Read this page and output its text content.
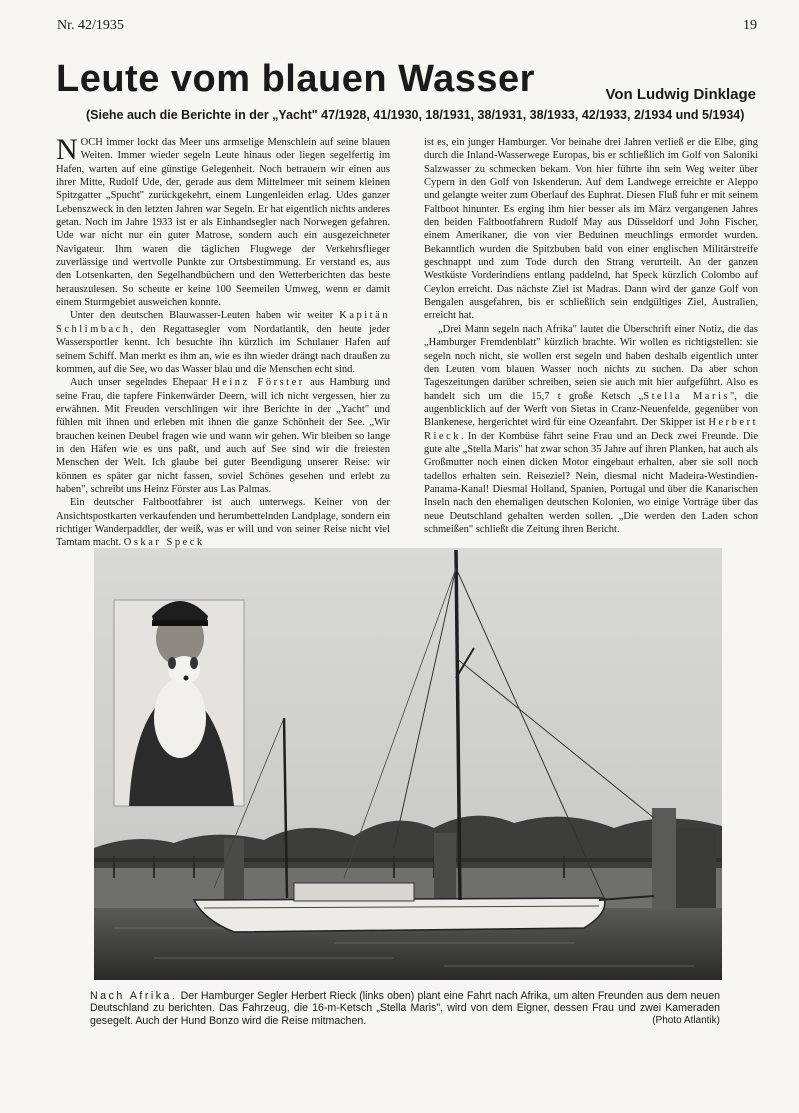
Nr. 42/1935	19
Leute vom blauen Wasser	Von Ludwig Dinklage
(Siehe auch die Berichte in der „Yacht" 47/1928, 41/1930, 18/1931, 38/1931, 38/1933, 42/1933, 2/1934 und 5/1934)

NOCH immer lockt das Meer uns armselige Menschlein auf seine blauen Weiten. Immer wieder segeln Leute hinaus oder liegen segelfertig im Hafen, warten auf eine günstige Gelegenheit. Noch betrauern wir einen aus ihrer Mitte, Rudolf Ude, der, gerade aus dem Mittelmeer mit seinem kleinen Spitzgatter „Spucht" zurückgekehrt, einem Lungenleiden erlag. Udes ganzer Lebenszweck in den letzten Jahren war Segeln. Er hat eigentlich nichts anderes getan. Noch im Jahre 1933 ist er als Einhandsegler nach Norwegen gefahren. Ude war nicht nur ein guter Matrose, sondern auch ein ausgezeichneter Navigateur. Ihm waren die täglichen Flugwege der Verkehrsflieger zuverlässige und wertvolle Punkte zur Ortsbestimmung. Er verstand es, aus den Lotsenkarten, den Segelhandbüchern und den Wetterberichten das beste herauszulesen. So scheute er keine 100 Seemeilen Umweg, wenn er damit einem Sturmgebiet ausweichen konnte.

Unter den deutschen Blauwasser-Leuten haben wir weiter Kapitän Schlimbach, den Regattasegler vom Nordatlantik, den heute jeder Wassersportler kennt. Ich besuchte ihn kürzlich im Schulauer Hafen auf seinem Schiff. Man merkt es ihm an, wie es ihn wieder drängt nach draußen zu kommen, auf die See, wo das Wasser blau und die Menschen echt sind.

Auch unser segelndes Ehepaar Heinz Förster aus Hamburg und seine Frau, die tapfere Finkenwärder Deern, will ich nicht vergessen, hier zu erwähnen. Mit Freuden verschlingen wir ihre Berichte in der „Yacht" und fühlen mit ihnen und erleben mit ihnen die ganze Schönheit der See. „Wir brauchen keinen Deubel fragen wie und wann wir gehen. Wir bleiben so lange in den Häfen wie es uns paßt, und auch auf See sind wir die freiesten Menschen der Welt. Ich glaube bei guter Beendigung unserer Reise: wir können es später gar nicht fassen, soviel Schönes gesehen und erlebt zu haben", schreibt uns Heinz Förster aus Las Palmas.

Ein deutscher Faltbootfahrer ist auch unterwegs. Keiner von der Ansichtspostkarten verkaufenden und herumbettelnden Landplage, sondern ein richtiger Wanderpaddler, der weiß, was er will und von seiner Reise nicht viel Tamtam macht. Oskar Speck

ist es, ein junger Hamburger. Vor beinahe drei Jahren verließ er die Elbe, ging durch die Inland-Wasserwege Europas, bis er schließlich im Golf von Saloniki Salzwasser zu schmecken bekam. Von hier führte ihn sein Weg weiter über Cypern in den Golf von Iskenderun. Auf dem Landwege erreichte er Aleppo und gelangte weiter zum Oberlauf des Euphrat. Diesen Fluß fuhr er mit seinem Faltboot hinunter. Es erging ihm hier besser als im März vergangenen Jahres den beiden Faltbootfahrern Rudolf May aus Düsseldorf und John Fischer, einem Amerikaner, die von vier Beduinen meuchlings ermordet wurden. Bekanntlich wurden die Spitzbuben bald von einer englischen Militärstreife geschnappt und zum Tode durch den Strang verurteilt. An der ganzen Westküste Vorderindiens entlang paddelnd, hat Speck kürzlich Colombo auf Ceylon erreicht. Das nächste Ziel ist Madras. Dann wird der ganze Golf von Bengalen ausgefahren, bis er schließlich sein endgültiges Ziel, Australien, erreicht hat.

„Drei Mann segeln nach Afrika" lautet die Überschrift einer Notiz, die das „Hamburger Fremdenblatt" kürzlich brachte. Wir wollen es richtigstellen: sie segeln noch nicht, sie wollen erst segeln und haben deshalb eigentlich unter den Leuten vom blauen Wasser noch nichts zu suchen. Da aber schon Tageszeitungen darüber schreiben, seien sie auch mit hier aufgeführt. Also es handelt sich um die 15,7 t große Ketsch „Stella Maris", die augenblicklich auf der Werft von Sietas in Cranz-Neuenfelde, gegenüber von Blankenese, hergerichtet wird für eine Ozeanfahrt. Der Skipper ist Herbert Rieck. In der Kombüse fährt seine Frau und an Deck zwei Freunde. Die gute alte „Stella Maris" hat zwar schon 35 Jahre auf ihren Planken, hat auch als Großmutter noch einen dicken Motor eingebaut erhalten, aber sie soll noch tadellos erhalten sein. Reiseziel? Nein, diesmal nicht Madeira-Westindien-Panama-Kanal! Diesmal Holland, Spanien, Portugal und über die Kanarischen Inseln nach den ehemaligen deutschen Kolonien, wo einige Vorträge über das neue Deutschland gehalten werden sollen. „Die werden den Laden schon schmeißen" schließt die Zeitung ihren Bericht.

Nach Afrika. Der Hamburger Segler Herbert Rieck (links oben) plant eine Fahrt nach Afrika, um alten Freunden aus dem neuen Deutschland zu berichten. Das Fahrzeug, die 16-m-Ketsch „Stella Maris", wird von dem Eigner, dessen Frau und zwei Kameraden gesegelt. Auch der Hund Bonzo wird die Reise mitmachen.	(Photo Atlantik)
